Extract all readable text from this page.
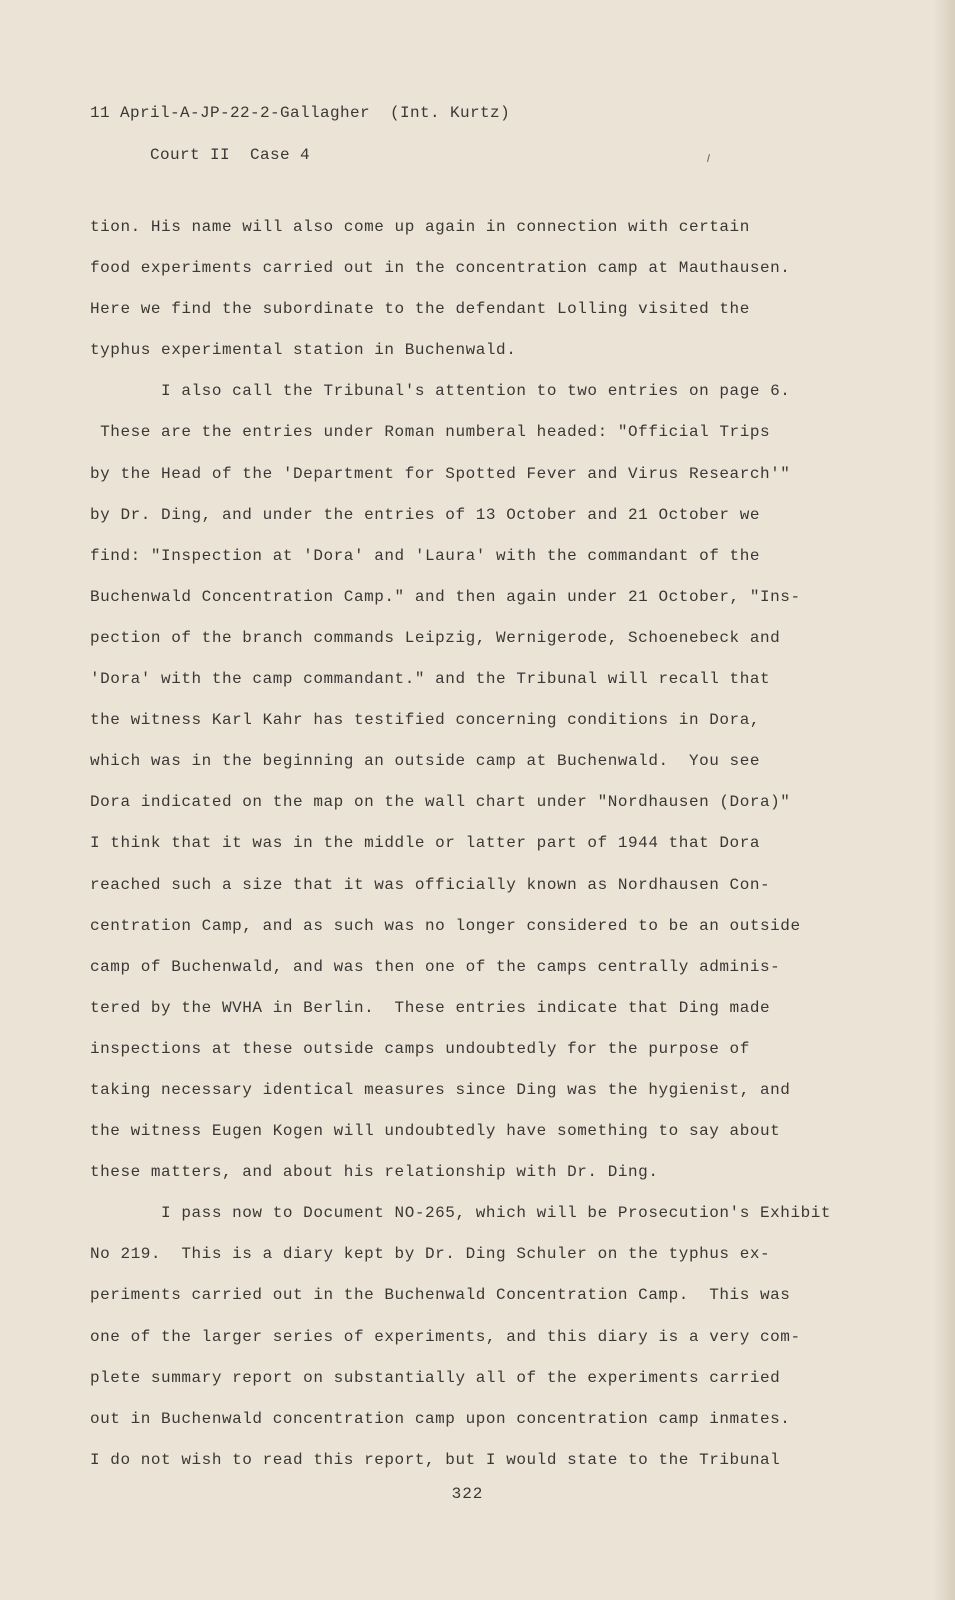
11 April-A-JP-22-2-Gallagher  (Int. Kurtz)
Court II  Case 4
tion. His name will also come up again in connection with certain
food experiments carried out in the concentration camp at Mauthausen.
Here we find the subordinate to the defendant Lolling visited the
typhus experimental station in Buchenwald.
I also call the Tribunal's attention to two entries on page 6.
These are the entries under Roman numberal headed: "Official Trips
by the Head of the 'Department for Spotted Fever and Virus Research'"
by Dr. Ding, and under the entries of 13 October and 21 October we
find: "Inspection at 'Dora' and 'Laura' with the commandant of the
Buchenwald Concentration Camp." and then again under 21 October, "Ins-
pection of the branch commands Leipzig, Wernigerode, Schoenebeck and
'Dora' with the camp commandant." and the Tribunal will recall that
the witness Karl Kahr has testified concerning conditions in Dora,
which was in the beginning an outside camp at Buchenwald.  You see
Dora indicated on the map on the wall chart under "Nordhausen (Dora)"
I think that it was in the middle or latter part of 1944 that Dora
reached such a size that it was officially known as Nordhausen Con-
centration Camp, and as such was no longer considered to be an outside
camp of Buchenwald, and was then one of the camps centrally adminis-
tered by the WVHA in Berlin.  These entries indicate that Ding made
inspections at these outside camps undoubtedly for the purpose of
taking necessary identical measures since Ding was the hygienist, and
the witness Eugen Kogen will undoubtedly have something to say about
these matters, and about his relationship with Dr. Ding.
I pass now to Document NO-265, which will be Prosecution's Exhibit
No 219.  This is a diary kept by Dr. Ding Schuler on the typhus ex-
periments carried out in the Buchenwald Concentration Camp.  This was
one of the larger series of experiments, and this diary is a very com-
plete summary report on substantially all of the experiments carried
out in Buchenwald concentration camp upon concentration camp inmates.
I do not wish to read this report, but I would state to the Tribunal
322
